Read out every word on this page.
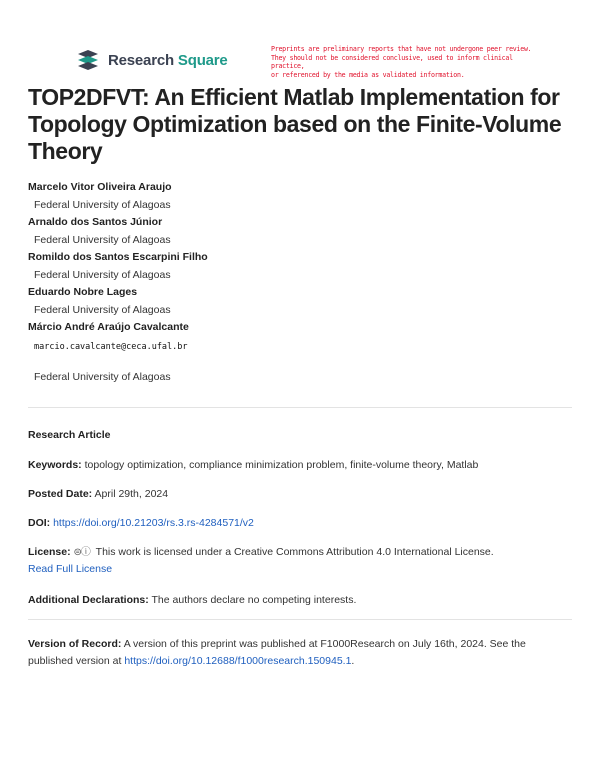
Research Square
Preprints are preliminary reports that have not undergone peer review.
They should not be considered conclusive, used to inform clinical practice,
or referenced by the media as validated information.
TOP2DFVT: An Efficient Matlab Implementation for Topology Optimization based on the Finite-Volume Theory
Marcelo Vitor Oliveira Araujo
Federal University of Alagoas
Arnaldo dos Santos Júnior
Federal University of Alagoas
Romildo dos Santos Escarpini Filho
Federal University of Alagoas
Eduardo Nobre Lages
Federal University of Alagoas
Márcio André Araújo Cavalcante
marcio.cavalcante@ceca.ufal.br
Federal University of Alagoas
Research Article
Keywords: topology optimization, compliance minimization problem, finite-volume theory, Matlab
Posted Date: April 29th, 2024
DOI: https://doi.org/10.21203/rs.3.rs-4284571/v2
License: ⊜ⓘ This work is licensed under a Creative Commons Attribution 4.0 International License.
Read Full License
Additional Declarations: The authors declare no competing interests.
Version of Record: A version of this preprint was published at F1000Research on July 16th, 2024. See the published version at https://doi.org/10.12688/f1000research.150945.1.
